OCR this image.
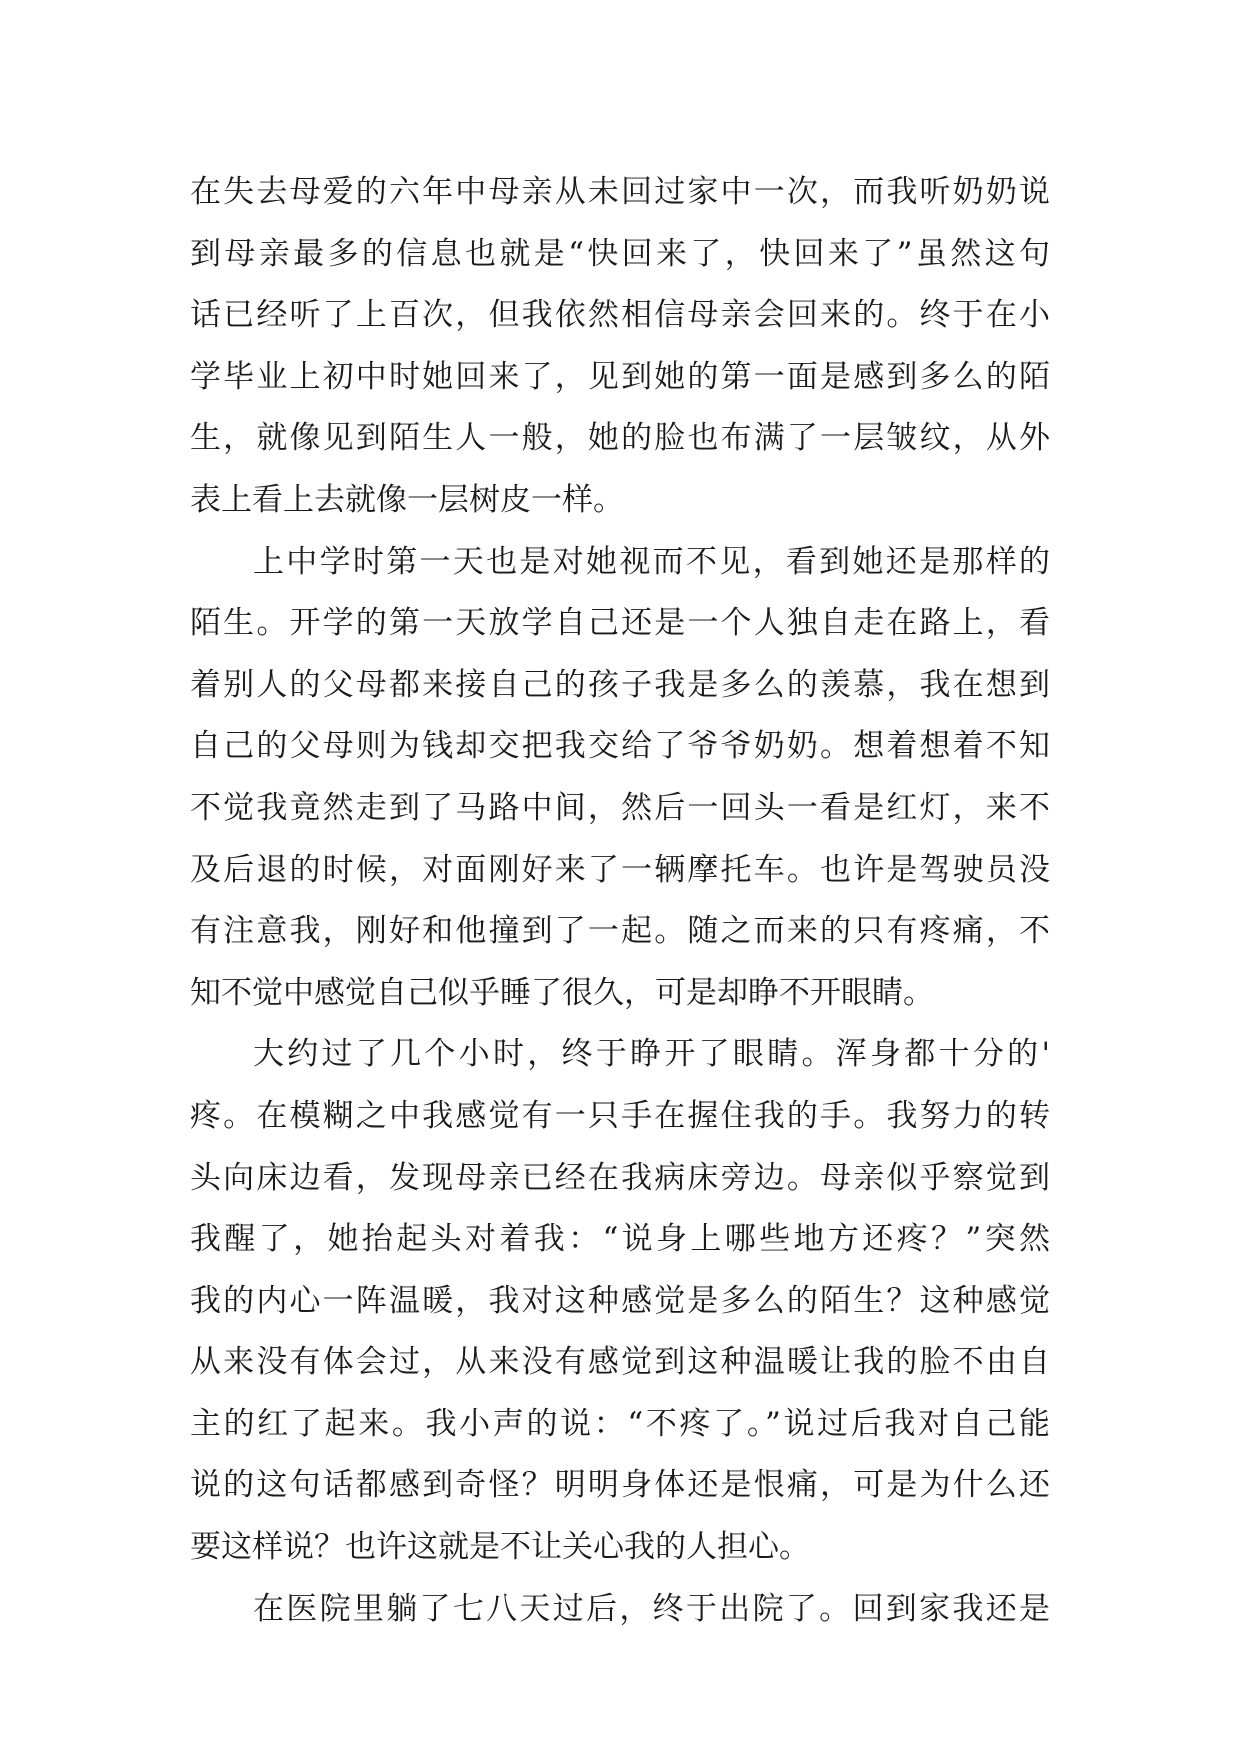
在失去母爱的六年中母亲从未回过家中一次，而我听奶奶说
到母亲最多的信息也就是“快回来了，快回来了”虽然这句
话已经听了上百次，但我依然相信母亲会回来的。终于在小
学毕业上初中时她回来了，见到她的第一面是感到多么的陌
生，就像见到陌生人一般，她的脸也布满了一层皱纹，从外
表上看上去就像一层树皮一样。
上中学时第一天也是对她视而不见，看到她还是那样的
陌生。开学的第一天放学自己还是一个人独自走在路上，看
着别人的父母都来接自己的孩子我是多么的羡慕，我在想到
自己的父母则为钱却交把我交给了爷爷奶奶。想着想着不知
不觉我竟然走到了马路中间，然后一回头一看是红灯，来不
及后退的时候，对面刚好来了一辆摩托车。也许是驾驶员没
有注意我，刚好和他撞到了一起。随之而来的只有疼痛，不
知不觉中感觉自己似乎睡了很久，可是却睁不开眼睛。
大约过了几个小时，终于睁开了眼睛。浑身都十分的'
疼。在模糊之中我感觉有一只手在握住我的手。我努力的转
头向床边看，发现母亲已经在我病床旁边。母亲似乎察觉到
我醒了，她抬起头对着我：“说身上哪些地方还疼？”突然
我的内心一阵温暖，我对这种感觉是多么的陌生？这种感觉
从来没有体会过，从来没有感觉到这种温暖让我的脸不由自
主的红了起来。我小声的说：“不疼了。”说过后我对自己能
说的这句话都感到奇怪？明明身体还是恨痛，可是为什么还
要这样说？也许这就是不让关心我的人担心。
在医院里躺了七八天过后，终于出院了。回到家我还是
